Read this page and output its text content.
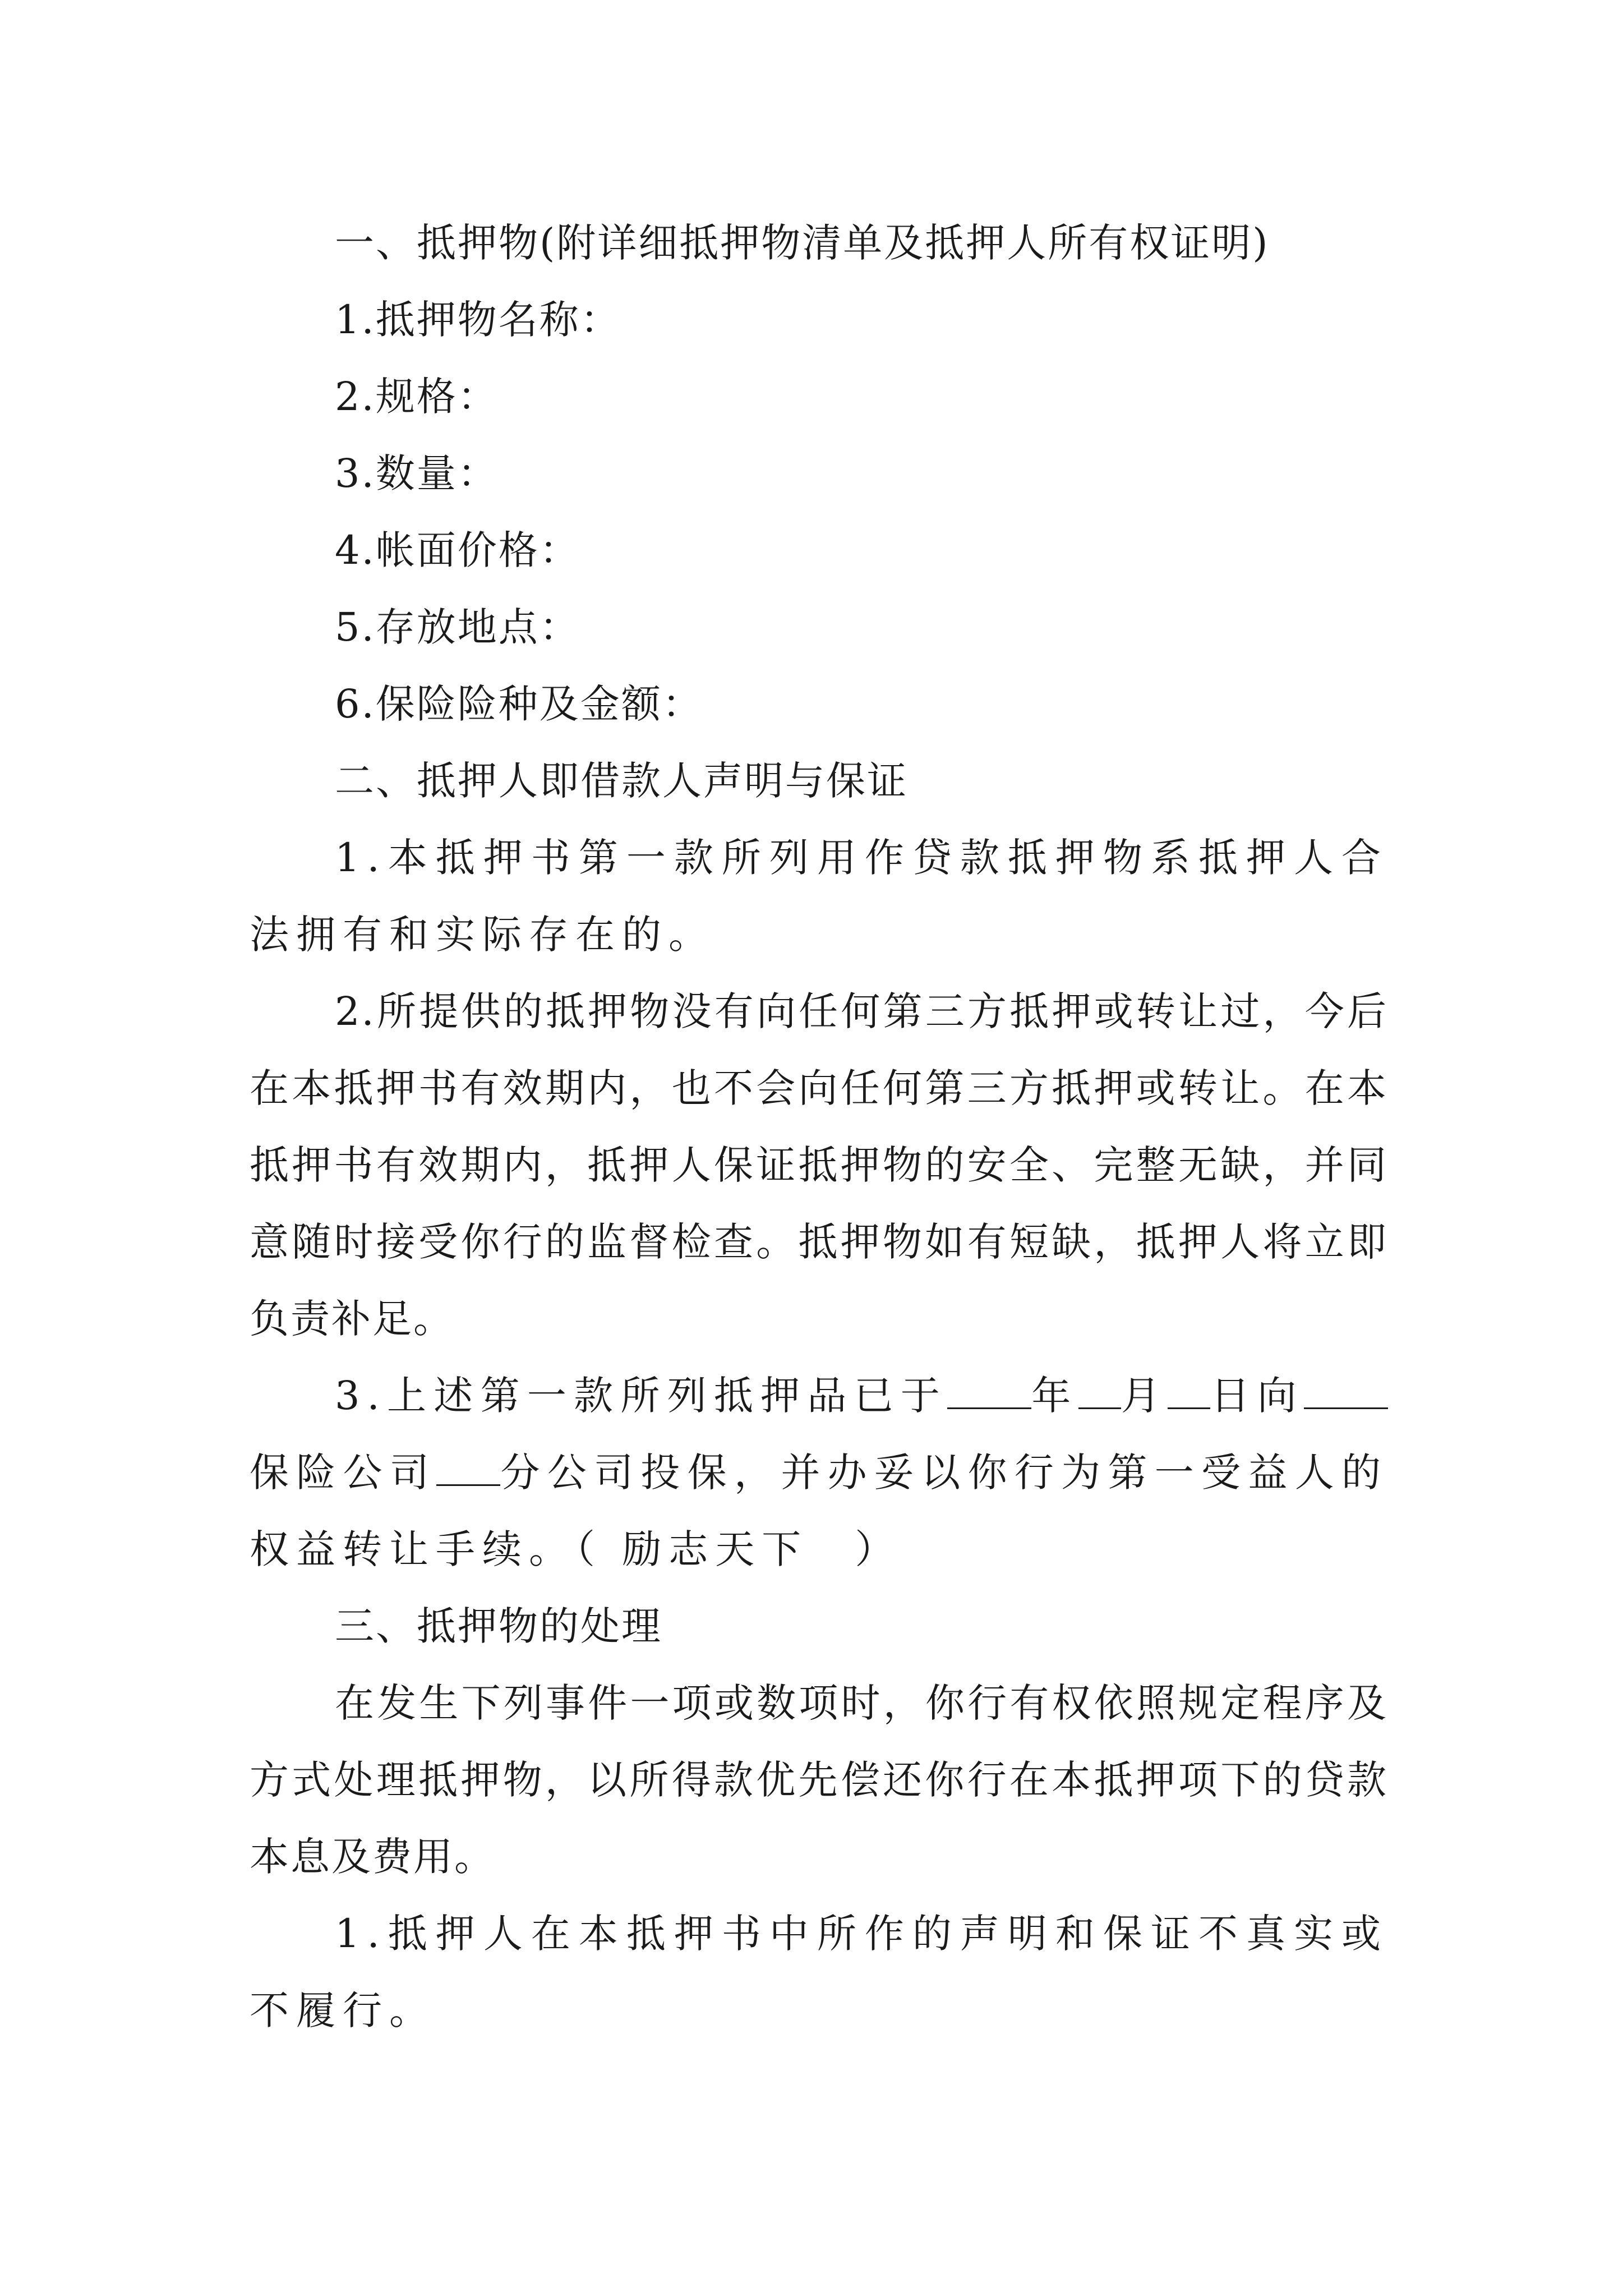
一、抵押物(附详细抵押物清单及抵押人所有权证明)

1.抵押物名称：

2.规格：

3.数量：

4.帐面价格：

5.存放地点：

6.保险险种及金额：

二、抵押人即借款人声明与保证

1.本抵押书第一款所列用作贷款抵押物系抵押人合法拥有和实际存在的。

2.所提供的抵押物没有向任何第三方抵押或转让过，今后在本抵押书有效期内，也不会向任何第三方抵押或转让。在本抵押书有效期内，抵押人保证抵押物的安全、完整无缺，并同意随时接受你行的监督检查。抵押物如有短缺，抵押人将立即负责补足。

3.上述第一款所列抵押品已于 年 月 日向保险公司 分公司投保，并办妥以你行为第一受益人的权益转让手续。（ 励志天下　）

三、抵押物的处理

在发生下列事件一项或数项时，你行有权依照规定程序及方式处理抵押物，以所得款优先偿还你行在本抵押项下的贷款本息及费用。

1.抵押人在本抵押书中所作的声明和保证不真实或不履行。
